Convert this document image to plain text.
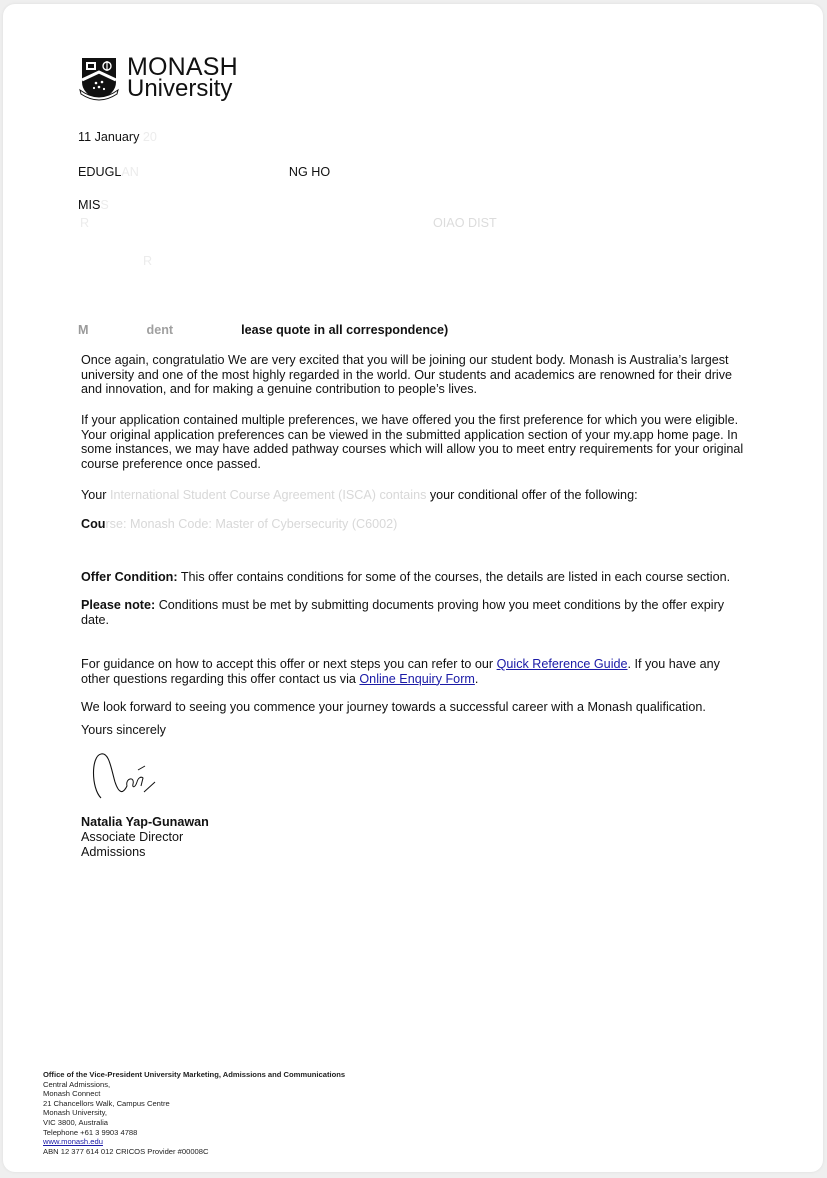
MONASH
University
11 January 20
EDUGLAN	NG HO
MISS
R	OIAO DIST
R
M	dent	lease quote in all correspondence)
Once again, congratulatio We are very excited that you will be joining our student body. Monash is Australia’s largest university and one of the most highly regarded in the world. Our students and academics are renowned for their drive and innovation, and for making a genuine contribution to people’s lives.
If your application contained multiple preferences, we have offered you the first preference for which you were eligible. Your original application preferences can be viewed in the submitted application section of your my.app home page. In some instances, we may have added pathway courses which will allow you to meet entry requirements for your original course preference once passed.
Your International Student Course Agreement (ISCA) contains your conditional offer of the following:
Course: Monash Code: Master of Cybersecurity (C6002)
Offer Condition: This offer contains conditions for some of the courses, the details are listed in each course section.
Please note: Conditions must be met by submitting documents proving how you meet conditions by the offer expiry date.
For guidance on how to accept this offer or next steps you can refer to our Quick Reference Guide. If you have any other questions regarding this offer contact us via Online Enquiry Form.
We look forward to seeing you commence your journey towards a successful career with a Monash qualification.
Yours sincerely
Natalia Yap-Gunawan
Associate Director
Admissions
Office of the Vice-President University Marketing, Admissions and Communications
Central Admissions,
Monash Connect
21 Chancellors Walk, Campus Centre
Monash University,
VIC 3800, Australia
Telephone +61 3 9903 4788
www.monash.edu
ABN 12 377 614 012 CRICOS Provider #00008C
